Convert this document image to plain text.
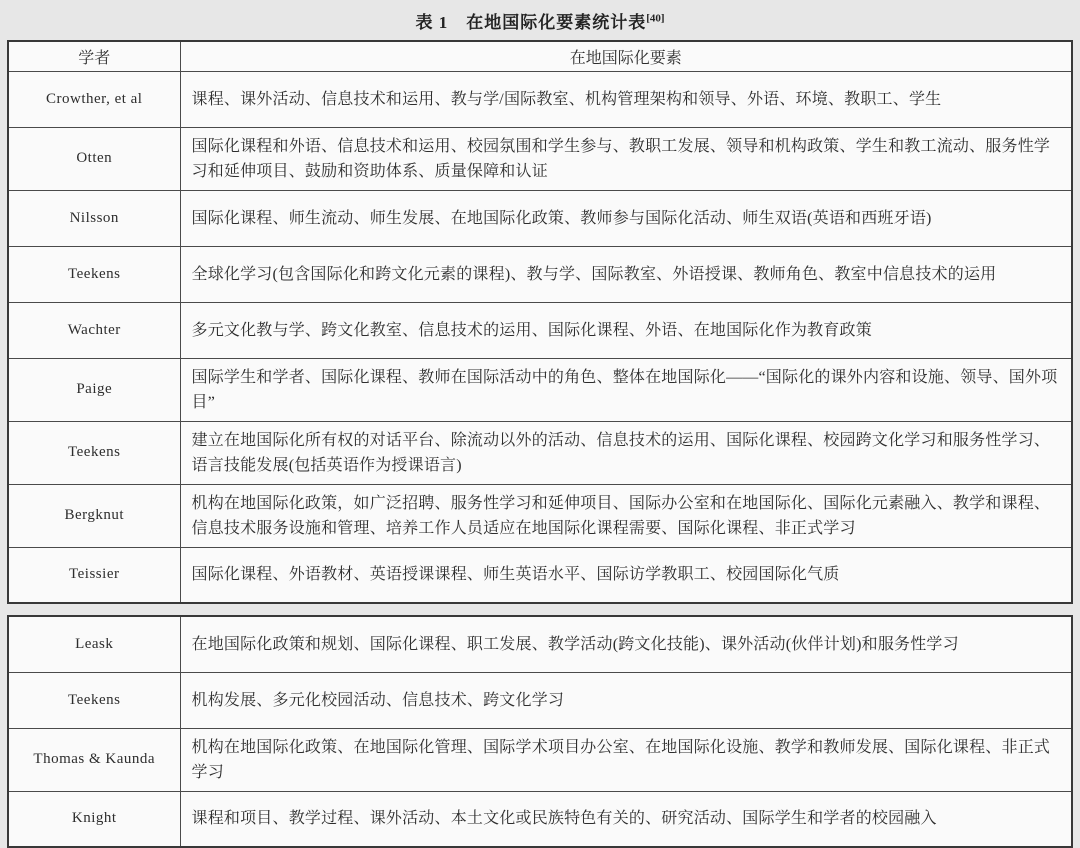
表 1　在地国际化要素统计表[40]
学者	在地国际化要素
Crowther, et al	课程、课外活动、信息技术和运用、教与学/国际教室、机构管理架构和领导、外语、环境、教职工、学生
Otten	国际化课程和外语、信息技术和运用、校园氛围和学生参与、教职工发展、领导和机构政策、学生和教工流动、服务性学习和延伸项目、鼓励和资助体系、质量保障和认证
Nilsson	国际化课程、师生流动、师生发展、在地国际化政策、教师参与国际化活动、师生双语(英语和西班牙语)
Teekens	全球化学习(包含国际化和跨文化元素的课程)、教与学、国际教室、外语授课、教师角色、教室中信息技术的运用
Wachter	多元文化教与学、跨文化教室、信息技术的运用、国际化课程、外语、在地国际化作为教育政策
Paige	国际学生和学者、国际化课程、教师在国际活动中的角色、整体在地国际化——“国际化的课外内容和设施、领导、国外项目”
Teekens	建立在地国际化所有权的对话平台、除流动以外的活动、信息技术的运用、国际化课程、校园跨文化学习和服务性学习、语言技能发展(包括英语作为授课语言)
Bergknut	机构在地国际化政策，如广泛招聘、服务性学习和延伸项目、国际办公室和在地国际化、国际化元素融入、教学和课程、信息技术服务设施和管理、培养工作人员适应在地国际化课程需要、国际化课程、非正式学习
Teissier	国际化课程、外语教材、英语授课课程、师生英语水平、国际访学教职工、校园国际化气质
Leask	在地国际化政策和规划、国际化课程、职工发展、教学活动(跨文化技能)、课外活动(伙伴计划)和服务性学习
Teekens	机构发展、多元化校园活动、信息技术、跨文化学习
Thomas & Kaunda	机构在地国际化政策、在地国际化管理、国际学术项目办公室、在地国际化设施、教学和教师发展、国际化课程、非正式学习
Knight	课程和项目、教学过程、课外活动、本土文化或民族特色有关的、研究活动、国际学生和学者的校园融入
